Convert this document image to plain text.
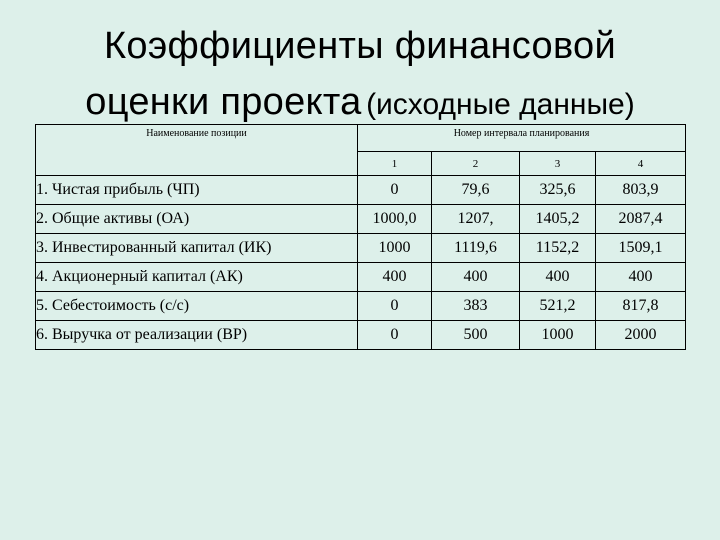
Коэффициенты финансовой
оценки проекта (исходные данные)
Наименование позиции	Номер интервала планирования			
	1	2	3	4
1. Чистая прибыль (ЧП)	0	79,6	325,6	803,9
2. Общие активы (ОА)	1000,0	1207,	1405,2	2087,4
3. Инвестированный капитал (ИК)	1000	1119,6	1152,2	1509,1
4. Акционерный капитал (АК)	400	400	400	400
5. Себестоимость (с/с)	0	383	521,2	817,8
6. Выручка от реализации (ВР)	0	500	1000	2000
